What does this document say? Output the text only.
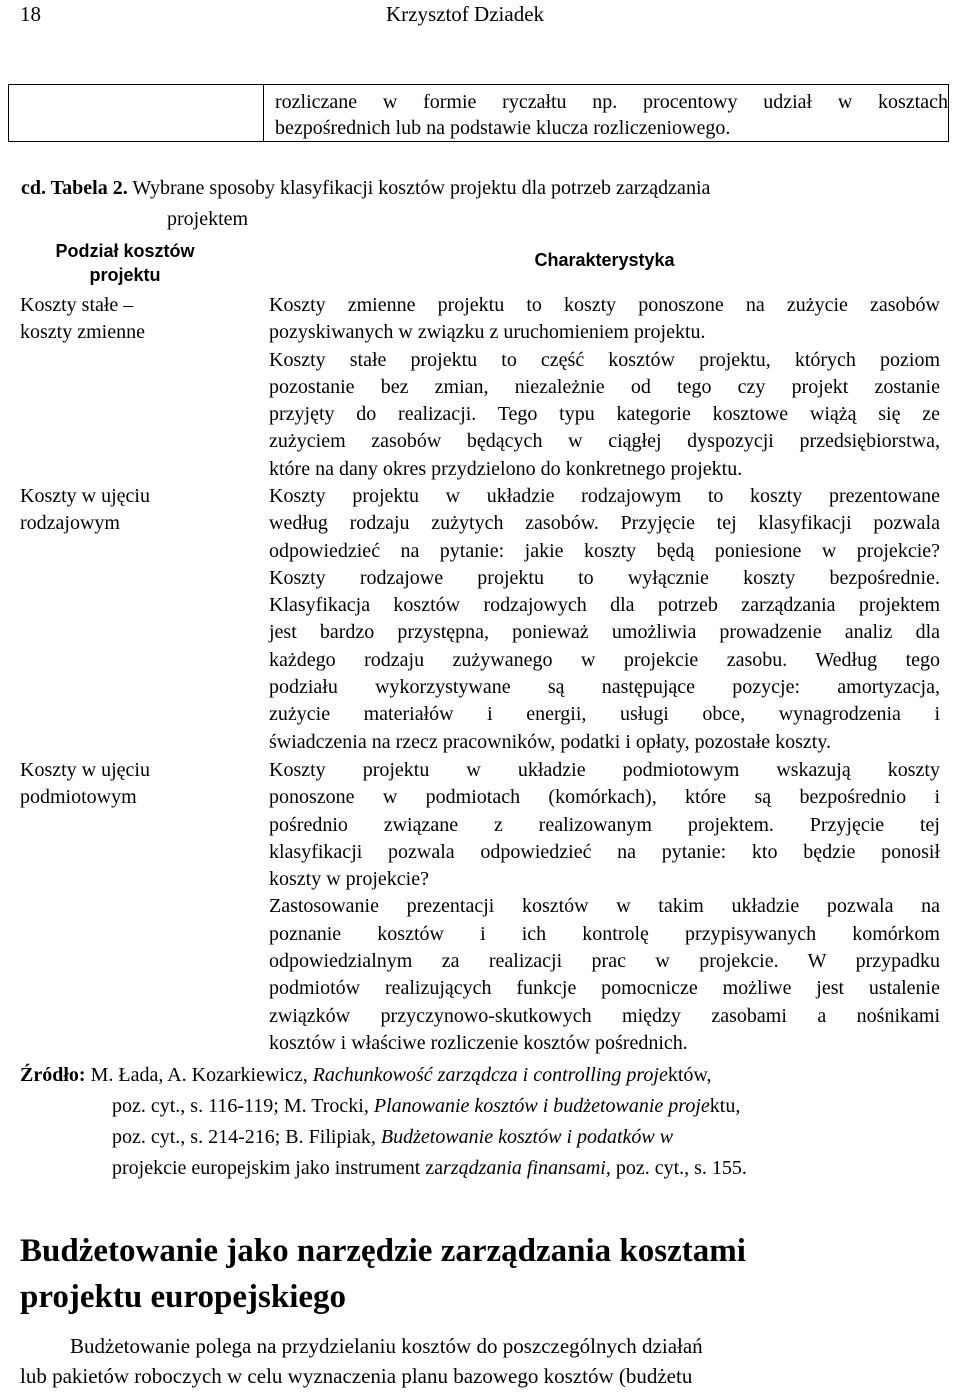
18	Krzysztof Dziadek
rozliczane w formie ryczałtu np. procentowy udział w kosztach
bezpośrednich lub na podstawie klucza rozliczeniowego.
cd. Tabela 2. Wybrane sposoby klasyfikacji kosztów projektu dla potrzeb zarządzania
projektem
Podział kosztów
projektu
Charakterystyka
Koszty stałe –
koszty zmienne
Koszty zmienne projektu to koszty ponoszone na zużycie zasobów
pozyskiwanych w związku z uruchomieniem projektu.
Koszty stałe projektu to część kosztów projektu, których poziom
pozostanie bez zmian, niezależnie od tego czy projekt zostanie
przyjęty do realizacji. Tego typu kategorie kosztowe wiążą się ze
zużyciem zasobów będących w ciągłej dyspozycji przedsiębiorstwa,
które na dany okres przydzielono do konkretnego projektu.
Koszty w ujęciu
rodzajowym
Koszty projektu w układzie rodzajowym to koszty prezentowane
według rodzaju zużytych zasobów. Przyjęcie tej klasyfikacji pozwala
odpowiedzieć na pytanie: jakie koszty będą poniesione w projekcie?
Koszty rodzajowe projektu to wyłącznie koszty bezpośrednie.
Klasyfikacja kosztów rodzajowych dla potrzeb zarządzania projektem
jest bardzo przystępna, ponieważ umożliwia prowadzenie analiz dla
każdego rodzaju zużywanego w projekcie zasobu. Według tego
podziału wykorzystywane są następujące pozycje: amortyzacja,
zużycie materiałów i energii, usługi obce, wynagrodzenia i
świadczenia na rzecz pracowników, podatki i opłaty, pozostałe koszty.
Koszty w ujęciu
podmiotowym
Koszty projektu w układzie podmiotowym wskazują koszty
ponoszone w podmiotach (komórkach), które są bezpośrednio i
pośrednio związane z realizowanym projektem. Przyjęcie tej
klasyfikacji pozwala odpowiedzieć na pytanie: kto będzie ponosił
koszty w projekcie?
Zastosowanie prezentacji kosztów w takim układzie pozwala na
poznanie kosztów i ich kontrolę przypisywanych komórkom
odpowiedzialnym za realizacji prac w projekcie. W przypadku
podmiotów realizujących funkcje pomocnicze możliwe jest ustalenie
związków przyczynowo-skutkowych między zasobami a nośnikami
kosztów i właściwe rozliczenie kosztów pośrednich.
Źródło: M. Łada, A. Kozarkiewicz, Rachunkowość zarządcza i controlling projektów,
poz. cyt., s. 116-119; M. Trocki, Planowanie kosztów i budżetowanie projektu,
poz. cyt., s. 214-216; B. Filipiak, Budżetowanie kosztów i podatków w
projekcie europejskim jako instrument zarządzania finansami, poz. cyt., s. 155.
Budżetowanie jako narzędzie zarządzania kosztami
projektu europejskiego
Budżetowanie polega na przydzielaniu kosztów do poszczególnych działań
lub pakietów roboczych w celu wyznaczenia planu bazowego kosztów (budżetu
